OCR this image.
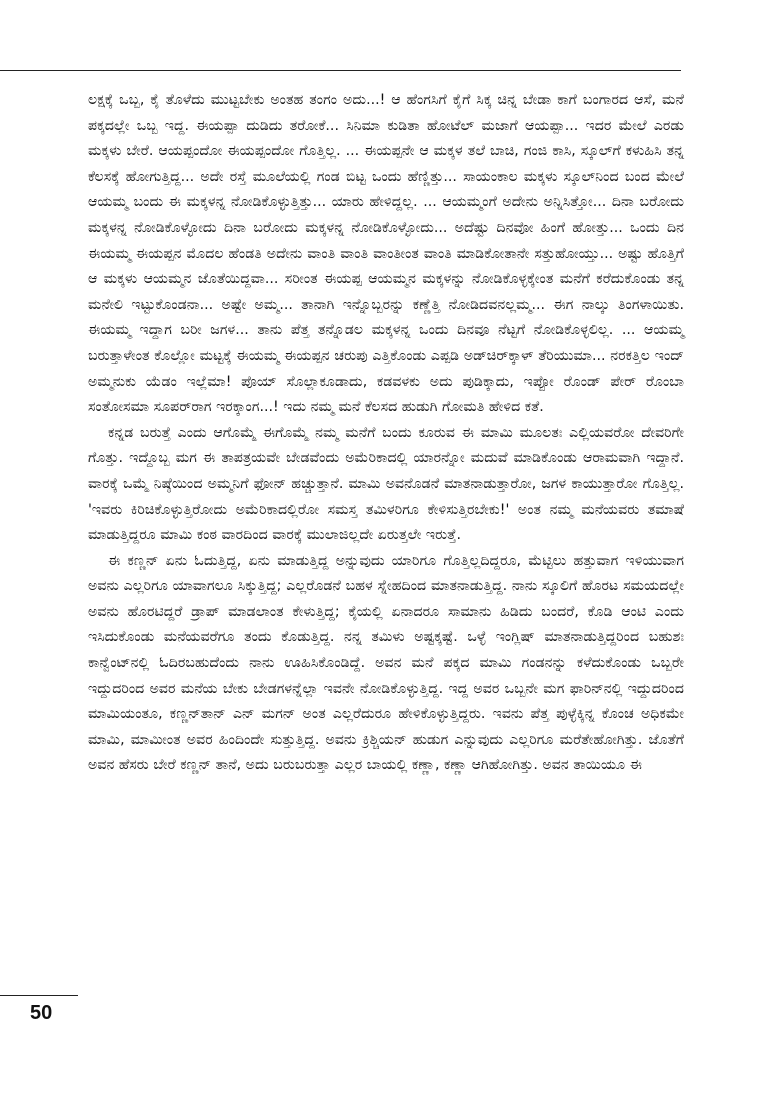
ಲಕ್ಷಕ್ಕೆ ಒಬ್ಬ, ಕೈ ತೊಳೆದು ಮುಟ್ಟಬೇಕು ಅಂತಹ ತಂಗಂ ಅದು...! ಆ ಹೆಂಗಸಿಗೆ ಕೈಗೆ ಸಿಕ್ಕ ಚಿನ್ನ ಬೇಡಾ ಕಾಗೆ ಬಂಗಾರದ ಆಸೆ, ಮನೆ ಪಕ್ಕದಲ್ಲೇ ಒಬ್ಬ ಇದ್ದ. ಈಯಪ್ಪಾ ದುಡಿದು ತರೋಕೆ... ಸಿನಿಮಾ ಕುಡಿತಾ ಹೋಟೆಲ್ ಮಜಾಗೆ ಆಯಪ್ಪಾ... ಇದರ ಮೇಲೆ ಎರಡು ಮಕ್ಕಳು ಬೇರೆ. ಆಯಪ್ಪಂದೋ ಈಯಪ್ಪಂದೋ ಗೊತ್ತಿಲ್ಲ. ... ಈಯಪ್ಪನೇ ಆ ಮಕ್ಕಳ ತಲೆ ಬಾಚಿ, ಗಂಜಿ ಕಾಸಿ, ಸ್ಕೂಲ್‌ಗೆ ಕಳುಹಿಸಿ ತನ್ನ ಕೆಲಸಕ್ಕೆ ಹೋಗುತ್ತಿದ್ದ... ಅದೇ ರಸ್ತೆ ಮೂಲೆಯಲ್ಲಿ ಗಂಡ ಬಿಟ್ಟ ಒಂದು ಹೆಣ್ಣಿತ್ತು... ಸಾಯಂಕಾಲ ಮಕ್ಕಳು ಸ್ಕೂಲ್‌ನಿಂದ ಬಂದ ಮೇಲೆ ಆಯಮ್ಮ ಬಂದು ಈ ಮಕ್ಕಳನ್ನ ನೋಡಿಕೊಳ್ಳುತ್ತಿತ್ತು... ಯಾರು ಹೇಳಿದ್ದಲ್ಲ. ... ಆಯಮ್ಮಂಗೆ ಅದೇನು ಅನ್ನಿಸಿತ್ತೋ... ದಿನಾ ಬರೋದು ಮಕ್ಕಳನ್ನ ನೋಡಿಕೊಳ್ಳೋದು ದಿನಾ ಬರೋದು ಮಕ್ಕಳನ್ನ ನೋಡಿಕೊಳ್ಳೋದು... ಅದೆಷ್ಟು ದಿನವೋ ಹಿಂಗೆ ಹೋತ್ತು... ಒಂದು ದಿನ ಈಯಮ್ಮ ಈಯಪ್ಪನ ಮೊದಲ ಹೆಂಡತಿ ಅದೇನು ವಾಂತಿ ವಾಂತಿ ವಾಂತೀಂತ ವಾಂತಿ ಮಾಡಿಕೋತಾನೇ ಸತ್ತುಹೋಯ್ತು... ಅಷ್ಟು ಹೊತ್ತಿಗೆ ಆ ಮಕ್ಕಳು ಆಯಮ್ಮನ ಜೊತೆಯಿದ್ದವಾ... ಸರೀಂತ ಈಯಪ್ಪ ಆಯಮ್ಮನ ಮಕ್ಕಳನ್ನು ನೋಡಿಕೊಳ್ಳಕ್ಕೇಂತ ಮನೆಗೆ ಕರೆದುಕೊಂಡು ತನ್ನ ಮನೇಲಿ ಇಟ್ಟುಕೊಂಡನಾ... ಅಷ್ಟೇ ಅಮ್ಮ... ತಾನಾಗಿ ಇನ್ನೊಬ್ಬರನ್ನು ಕಣ್ಣೆತ್ತಿ ನೋಡಿದವನಲ್ಲಮ್ಮ... ಈಗ ನಾಲ್ಕು ತಿಂಗಳಾಯಿತು. ಈಯಮ್ಮ ಇದ್ದಾಗ ಬರೀ ಜಗಳ... ತಾನು ಪೆತ್ತ ತನ್ನೊಡಲ ಮಕ್ಕಳನ್ನ ಒಂದು ದಿನವೂ ನೆಟ್ಟಗೆ ನೋಡಿಕೊಳ್ಳಲಿಲ್ಲ. ... ಆಯಮ್ಮ ಬರುತ್ತಾಳೇಂತ ಕೊಲ್ಲೋ ಮಟ್ಟಕ್ಕೆ ಈಯಮ್ಮ ಈಯಪ್ಪನ ಚರುಪು ಎತ್ತಿಕೊಂಡು ಎಪ್ಪಡಿ ಅಡ್‌ಚಿರ್‌ಕ್ಕಾಳ್ ತೆರಿಯುಮಾ... ನರಕತ್ತಿಲ ಇಂದ್ ಅಮ್ಮನುಕು ಯೆಡಂ ಇಲ್ಲೆಮಾ! ಪೊಯ್ ಸೊಲ್ಲಾಕೂಡಾದು, ಕಡವಳಕು ಅದು ಪುಡಿಕ್ಕಾದು, ಇಪ್ಪೋ ರೊಂಡ್ ಪೇರ್ ರೊಂಬಾ ಸಂತೋಸಮಾ ಸೂಪರ್‌ರಾಗ ಇರಕ್ಕಾಂಗ...! ಇದು ನಮ್ಮ ಮನೆ ಕೆಲಸದ ಹುಡುಗಿ ಗೋಮತಿ ಹೇಳಿದ ಕತೆ.

ಕನ್ನಡ ಬರುತ್ತೆ ಎಂದು ಆಗೊಮ್ಮೆ ಈಗೊಮ್ಮೆ ನಮ್ಮ ಮನೆಗೆ ಬಂದು ಕೂರುವ ಈ ಮಾಮಿ ಮೂಲತಃ ಎಲ್ಲಿಯವರೋ ದೇವರಿಗೇ ಗೊತ್ತು. ಇದ್ದೊಬ್ಬ ಮಗ ಈ ತಾಪತ್ರಯವೇ ಬೇಡವೆಂದು ಅಮೆರಿಕಾದಲ್ಲಿ ಯಾರನ್ನೋ ಮದುವೆ ಮಾಡಿಕೊಂಡು ಆರಾಮವಾಗಿ ಇದ್ದಾನೆ. ವಾರಕ್ಕೆ ಒಮ್ಮೆ ನಿಷ್ಠೆಯಿಂದ ಅಮ್ಮನಿಗೆ ಫೋನ್ ಹಚ್ಚುತ್ತಾನೆ. ಮಾಮಿ ಅವನೊಡನೆ ಮಾತನಾಡುತ್ತಾರೋ, ಜಗಳ ಕಾಯುತ್ತಾರೋ ಗೊತ್ತಿಲ್ಲ. 'ಇವರು ಕಿರಿಚಿಕೊಳ್ಳುತ್ತಿರೋದು ಅಮೆರಿಕಾದಲ್ಲಿರೋ ಸಮಸ್ತ ತಮಿಳರಿಗೂ ಕೇಳಿಸುತ್ತಿರಬೇಕು!' ಅಂತ ನಮ್ಮ ಮನೆಯವರು ತಮಾಷೆ ಮಾಡುತ್ತಿದ್ದರೂ ಮಾಮಿ ಕಂಠ ವಾರದಿಂದ ವಾರಕ್ಕೆ ಮುಲಾಜಿಲ್ಲದೇ ಏರುತ್ತಲೇ ಇರುತ್ತೆ.

ಈ ಕಣ್ಣನ್ ಏನು ಓದುತ್ತಿದ್ದ, ಏನು ಮಾಡುತ್ತಿದ್ದ ಅನ್ನುವುದು ಯಾರಿಗೂ ಗೊತ್ತಿಲ್ಲದಿದ್ದರೂ, ಮೆಟ್ಟಿಲು ಹತ್ತುವಾಗ ಇಳಿಯುವಾಗ ಅವನು ಎಲ್ಲರಿಗೂ ಯಾವಾಗಲೂ ಸಿಕ್ಕುತ್ತಿದ್ದ; ಎಲ್ಲರೊಡನೆ ಬಹಳ ಸ್ನೇಹದಿಂದ ಮಾತನಾಡುತ್ತಿದ್ದ. ನಾನು ಸ್ಕೂಲಿಗೆ ಹೊರಟ ಸಮಯದಲ್ಲೇ ಅವನು ಹೊರಟಿದ್ದರೆ ಡ್ರಾಪ್ ಮಾಡಲಾಂತ ಕೇಳುತ್ತಿದ್ದ; ಕೈಯಲ್ಲಿ ಏನಾದರೂ ಸಾಮಾನು ಹಿಡಿದು ಬಂದರೆ, ಕೊಡಿ ಆಂಟಿ ಎಂದು ಇಸಿದುಕೊಂಡು ಮನೆಯವರೆಗೂ ತಂದು ಕೊಡುತ್ತಿದ್ದ. ನನ್ನ ತಮಿಳು ಅಷ್ಟಕ್ಕಷ್ಟೆ. ಒಳ್ಳೆ ಇಂಗ್ಲಿಷ್ ಮಾತನಾಡುತ್ತಿದ್ದರಿಂದ ಬಹುಶಃ ಕಾನ್ವೆಂಟ್‌ನಲ್ಲಿ ಓದಿರಬಹುದೆಂದು ನಾನು ಊಹಿಸಿಕೊಂಡಿದ್ದೆ. ಅವನ ಮನೆ ಪಕ್ಕದ ಮಾಮಿ ಗಂಡನನ್ನು ಕಳೆದುಕೊಂಡು ಒಬ್ಬರೇ ಇದ್ದುದರಿಂದ ಅವರ ಮನೆಯ ಬೇಕು ಬೇಡಗಳನ್ನೆಲ್ಲಾ ಇವನೇ ನೋಡಿಕೊಳ್ಳುತ್ತಿದ್ದ. ಇದ್ದ ಅವರ ಒಬ್ಬನೇ ಮಗ ಫಾರಿನ್‌ನಲ್ಲಿ ಇದ್ದುದರಿಂದ ಮಾಮಿಯಂತೂ, ಕಣ್ಣನ್‌ತಾನ್ ಎನ್ ಮಗನ್ ಅಂತ ಎಲ್ಲರೆದುರೂ ಹೇಳಿಕೊಳ್ಳುತ್ತಿದ್ದರು. ಇವನು ಪೆತ್ತ ಪುಳ್ಳೆಕ್ಕಿನ್ನ ಕೊಂಚ ಅಧಿಕಮೇ ಮಾಮಿ, ಮಾಮೀಂತ ಅವರ ಹಿಂದಿಂದೇ ಸುತ್ತುತ್ತಿದ್ದ. ಅವನು ಕ್ರಿಶ್ಚಿಯನ್ ಹುಡುಗ ಎನ್ನುವುದು ಎಲ್ಲರಿಗೂ ಮರೆತೇಹೋಗಿತ್ತು. ಜೊತೆಗೆ ಅವನ ಹೆಸರು ಬೇರೆ ಕಣ್ಣನ್ ತಾನೆ, ಅದು ಬರುಬರುತ್ತಾ ಎಲ್ಲರ ಬಾಯಲ್ಲಿ ಕಣ್ಣಾ, ಕಣ್ಣಾ ಆಗಿಹೋಗಿತ್ತು. ಅವನ ತಾಯಿಯೂ ಈ

50
